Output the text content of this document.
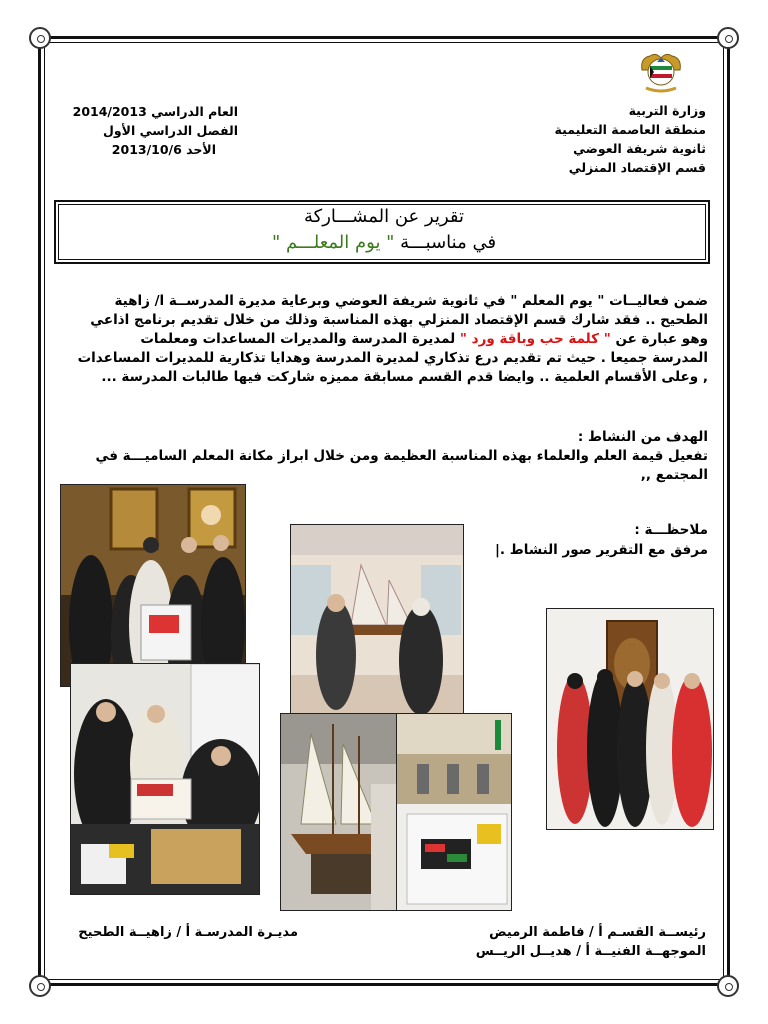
وزارة التربية
منطقة العاصمة التعليمية
ثانوية شريفة العوضي
قسم الإقتصاد المنزلي
العام الدراسي 2014/2013
الفصل الدراسي الأول
الأحد 2013/10/6
تقرير عن المشـــاركة
في مناسبـــة " يوم المعلـــم "
ضمن فعاليــات " يوم المعلم " في ثانوية شريفة العوضي وبرعاية مديرة المدرســة ا/ زاهية
الطحيح .. فقد شارك قسم الإقتصاد المنزلي بهذه المناسبة وذلك من خلال تقديم برنامج اذاعي
وهو عبارة عن " كلمة حب وباقة ورد " لمديرة المدرسة والمديرات المساعدات ومعلمات
المدرسة جميعا . حيث تم تقديم درع تذكاري لمديرة المدرسة وهدايا تذكارية للمديرات المساعدات
, وعلى الأقسام العلمية .. وايضا قدم القسم مسابقة مميزه شاركت فيها طالبات المدرسة ...
الهدف من النشاط :
تفعيل قيمة العلم والعلماء بهذه المناسبة العظيمة ومن خلال ابراز مكانة المعلم الساميـــة في
المجتمع ,,
ملاحظـــة :
مرفق مع التقرير صور النشاط .|
رئيســة القسـم أ / فاطمة الرميض
الموجهــة الفنيــة أ / هديــل الريــس
مديـرة المدرسـة أ / زاهيــة الطحيح
